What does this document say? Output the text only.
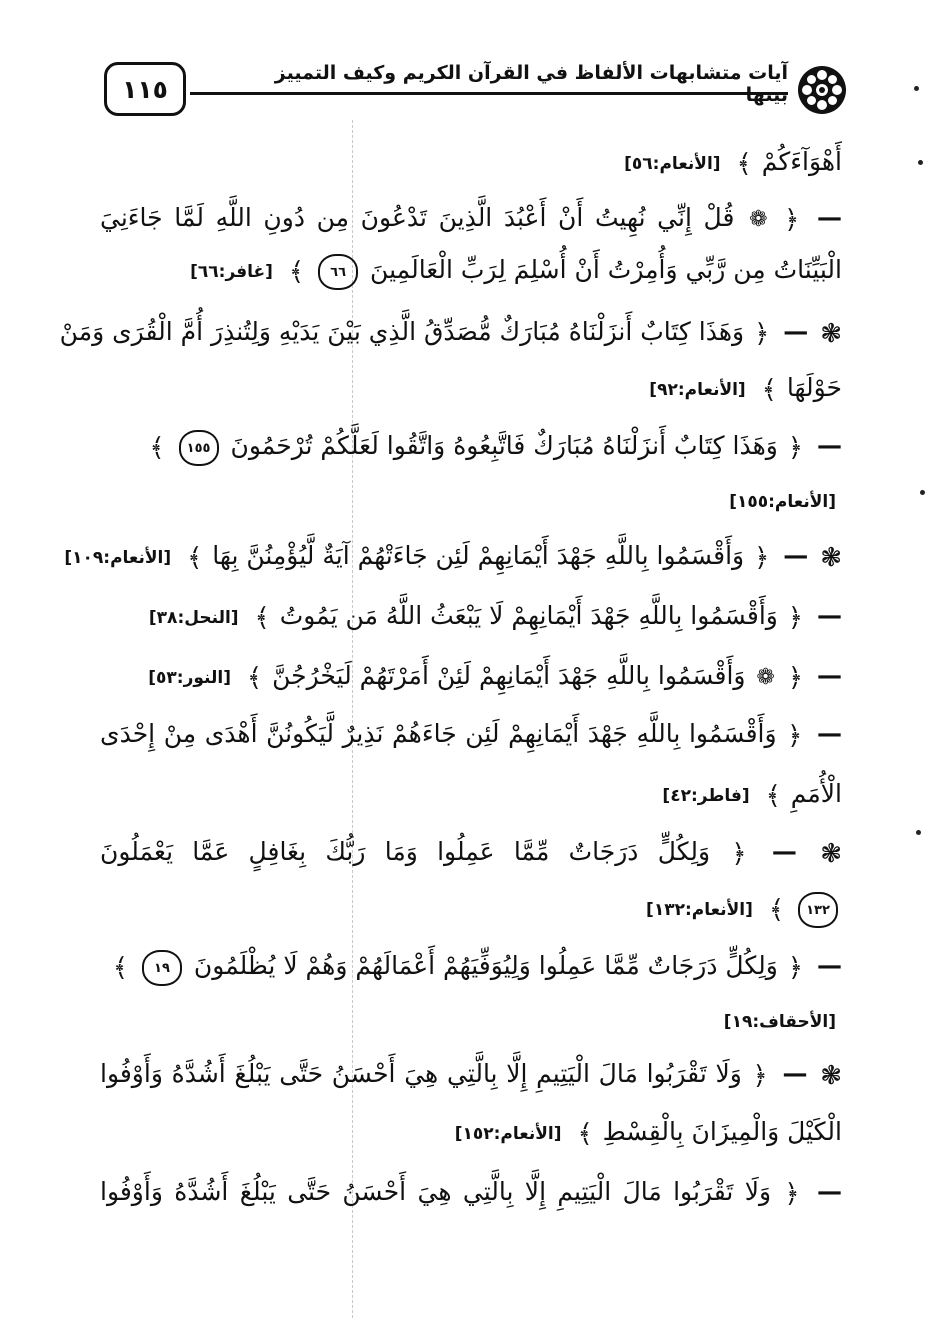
١١٥
آيات متشابهات الألفاظ في القرآن الكريم وكيف التمييز بينها
أَهْوَآءَكُمْ ﴾ [الأنعام:٥٦]
— ﴿ ❁ قُلْ إِنِّي نُهِيتُ أَنْ أَعْبُدَ الَّذِينَ تَدْعُونَ مِن دُونِ اللَّهِ لَمَّا جَاءَنِيَ
الْبَيِّنَاتُ مِن رَّبِّي وَأُمِرْتُ أَنْ أُسْلِمَ لِرَبِّ الْعَالَمِينَ ٦٦ ﴾ [غافر:٦٦]
❃ — ﴿ وَهَذَا كِتَابٌ أَنزَلْنَاهُ مُبَارَكٌ مُّصَدِّقُ الَّذِي بَيْنَ يَدَيْهِ وَلِتُنذِرَ أُمَّ الْقُرَى وَمَنْ
حَوْلَهَا ﴾ [الأنعام:٩٢]
— ﴿ وَهَذَا كِتَابٌ أَنزَلْنَاهُ مُبَارَكٌ فَاتَّبِعُوهُ وَاتَّقُوا لَعَلَّكُمْ تُرْحَمُونَ ١٥٥ ﴾
[الأنعام:١٥٥]
❃ — ﴿ وَأَقْسَمُوا بِاللَّهِ جَهْدَ أَيْمَانِهِمْ لَئِن جَاءَتْهُمْ آيَةٌ لَّيُؤْمِنُنَّ بِهَا ﴾ [الأنعام:١٠٩]
— ﴿ وَأَقْسَمُوا بِاللَّهِ جَهْدَ أَيْمَانِهِمْ لَا يَبْعَثُ اللَّهُ مَن يَمُوتُ ﴾ [النحل:٣٨]
— ﴿ ❁ وَأَقْسَمُوا بِاللَّهِ جَهْدَ أَيْمَانِهِمْ لَئِنْ أَمَرْتَهُمْ لَيَخْرُجُنَّ ﴾ [النور:٥٣]
— ﴿ وَأَقْسَمُوا بِاللَّهِ جَهْدَ أَيْمَانِهِمْ لَئِن جَاءَهُمْ نَذِيرٌ لَّيَكُونُنَّ أَهْدَى مِنْ إِحْدَى
الْأُمَمِ ﴾ [فاطر:٤٢]
❃ — ﴿ وَلِكُلٍّ دَرَجَاتٌ مِّمَّا عَمِلُوا وَمَا رَبُّكَ بِغَافِلٍ عَمَّا يَعْمَلُونَ
١٣٢ ﴾ [الأنعام:١٣٢]
— ﴿ وَلِكُلٍّ دَرَجَاتٌ مِّمَّا عَمِلُوا وَلِيُوَفِّيَهُمْ أَعْمَالَهُمْ وَهُمْ لَا يُظْلَمُونَ ١٩ ﴾
[الأحقاف:١٩]
❃ — ﴿ وَلَا تَقْرَبُوا مَالَ الْيَتِيمِ إِلَّا بِالَّتِي هِيَ أَحْسَنُ حَتَّى يَبْلُغَ أَشُدَّهُ وَأَوْفُوا
الْكَيْلَ وَالْمِيزَانَ بِالْقِسْطِ ﴾ [الأنعام:١٥٢]
— ﴿ وَلَا تَقْرَبُوا مَالَ الْيَتِيمِ إِلَّا بِالَّتِي هِيَ أَحْسَنُ حَتَّى يَبْلُغَ أَشُدَّهُ وَأَوْفُوا
